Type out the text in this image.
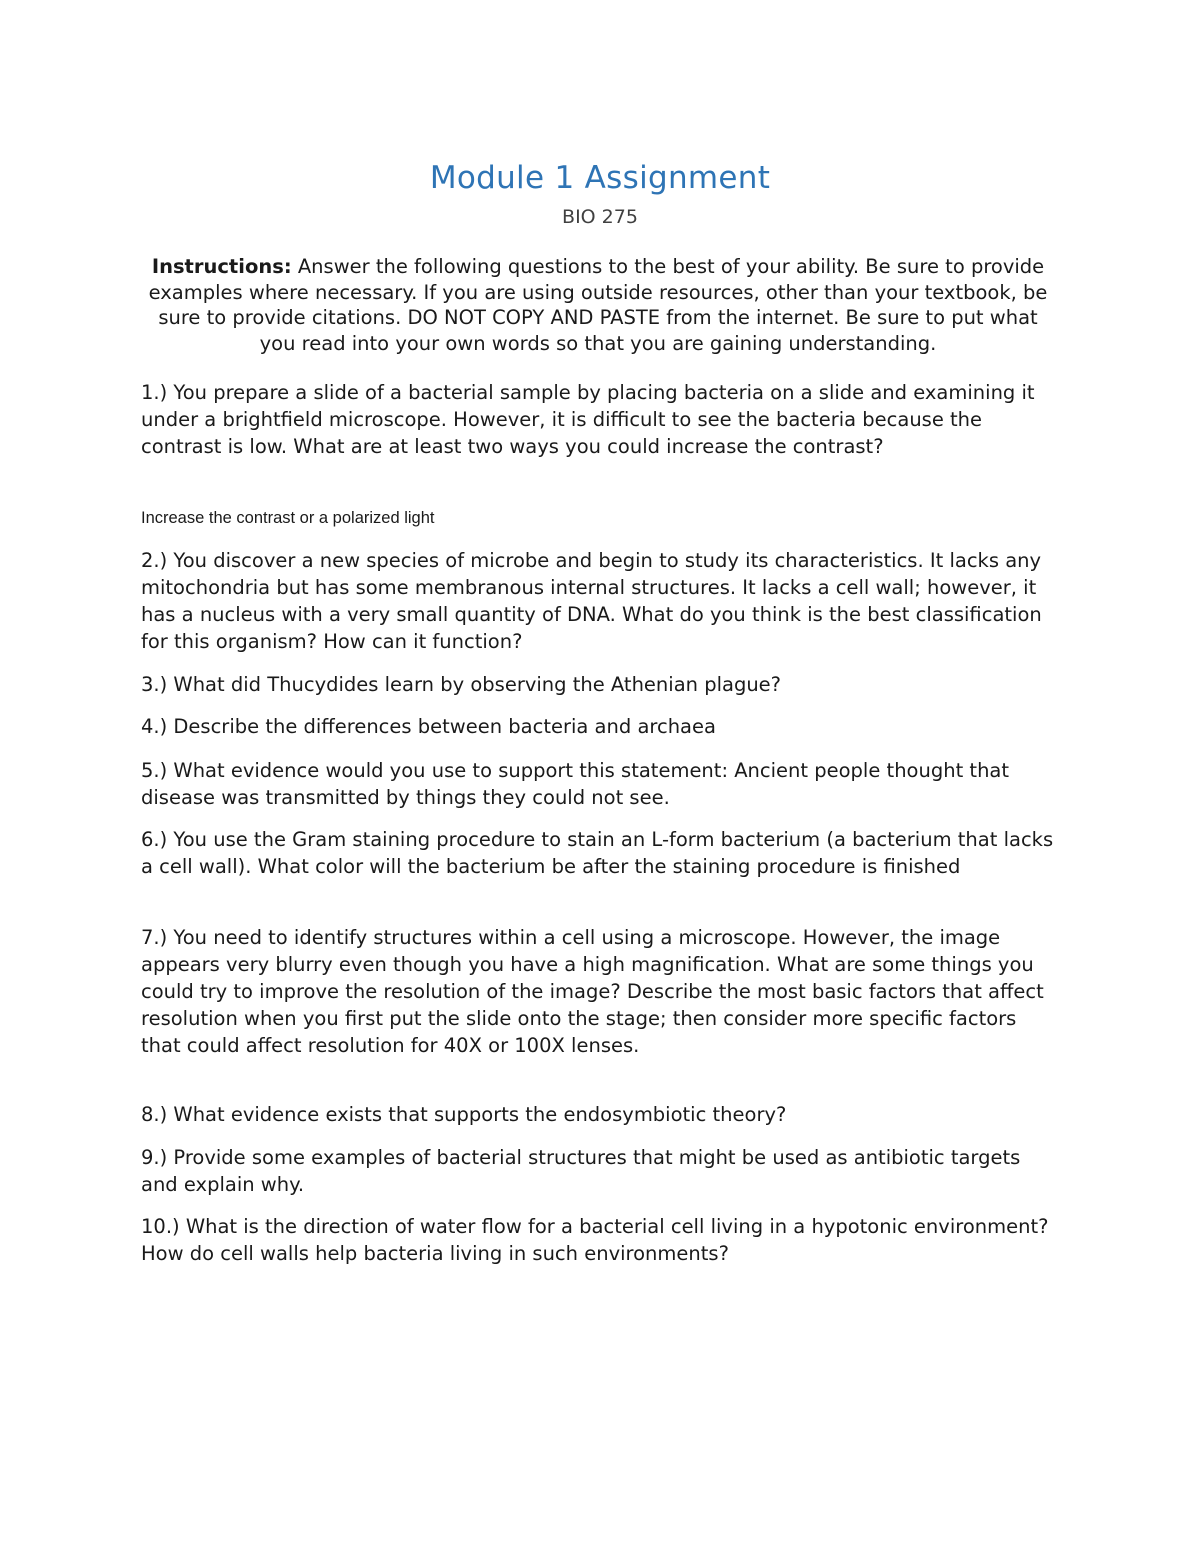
Module 1 Assignment

BIO 275

Instructions: Answer the following questions to the best of your ability. Be sure to provide examples where necessary. If you are using outside resources, other than your textbook, be sure to provide citations. DO NOT COPY AND PASTE from the internet. Be sure to put what you read into your own words so that you are gaining understanding.

1.) You prepare a slide of a bacterial sample by placing bacteria on a slide and examining it under a brightfield microscope. However, it is difficult to see the bacteria because the contrast is low. What are at least two ways you could increase the contrast?

Increase the contrast or a polarized light

2.) You discover a new species of microbe and begin to study its characteristics. It lacks any mitochondria but has some membranous internal structures. It lacks a cell wall; however, it has a nucleus with a very small quantity of DNA. What do you think is the best classification for this organism? How can it function?

3.) What did Thucydides learn by observing the Athenian plague?

4.) Describe the differences between bacteria and archaea

5.) What evidence would you use to support this statement: Ancient people thought that disease was transmitted by things they could not see.

6.) You use the Gram staining procedure to stain an L-form bacterium (a bacterium that lacks a cell wall). What color will the bacterium be after the staining procedure is finished

7.) You need to identify structures within a cell using a microscope. However, the image appears very blurry even though you have a high magnification. What are some things you could try to improve the resolution of the image? Describe the most basic factors that affect resolution when you first put the slide onto the stage; then consider more specific factors that could affect resolution for 40X or 100X lenses.

8.) What evidence exists that supports the endosymbiotic theory?

9.) Provide some examples of bacterial structures that might be used as antibiotic targets and explain why.

10.) What is the direction of water flow for a bacterial cell living in a hypotonic environment? How do cell walls help bacteria living in such environments?
